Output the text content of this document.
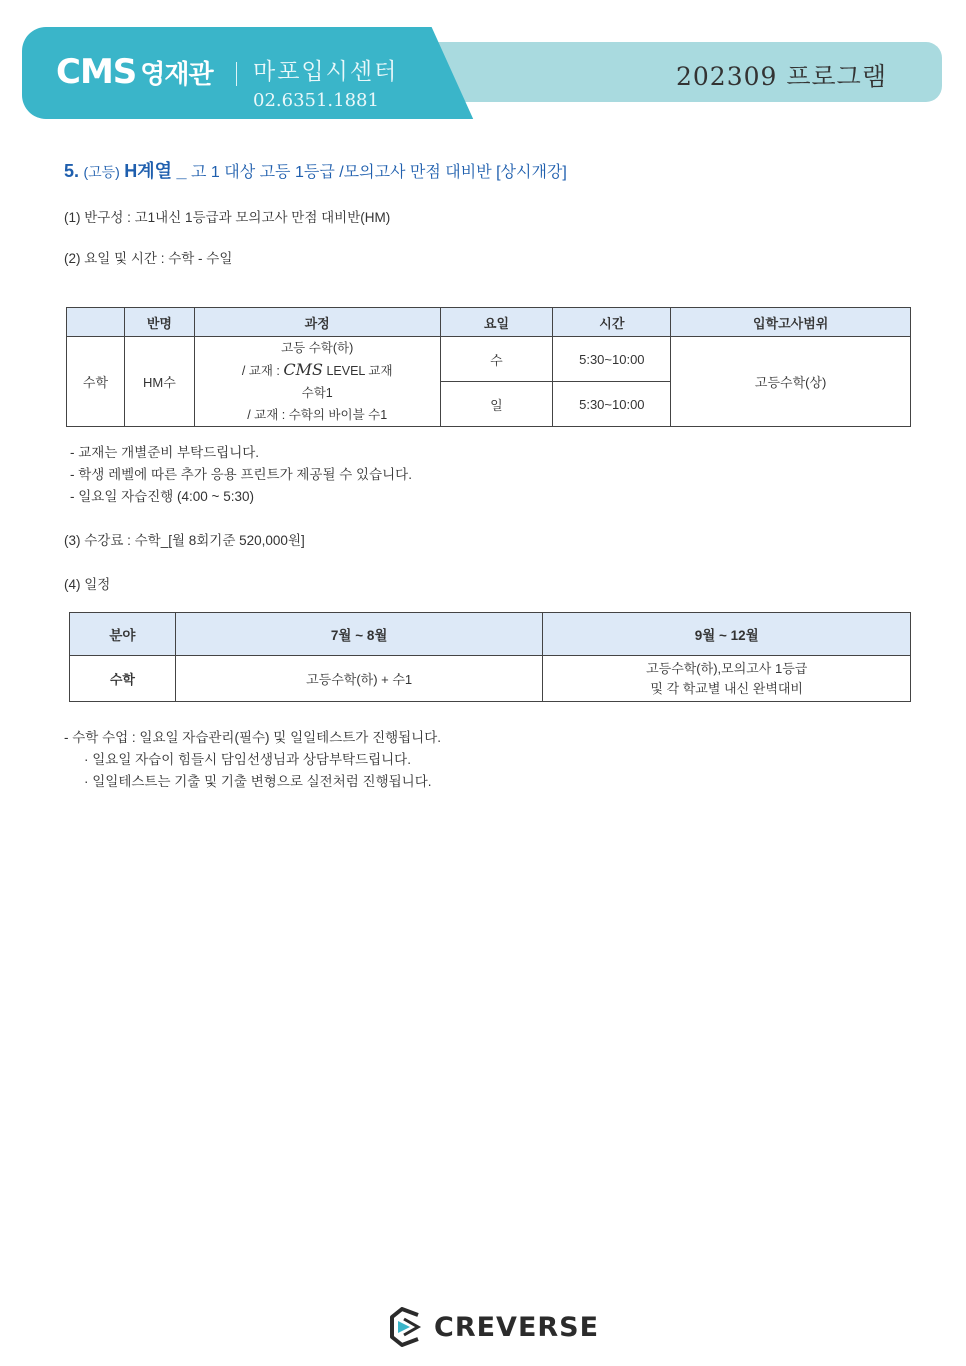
CMS 영재관 마포입시센터
02.6351.1881
202309 프로그램
5. (고등) H계열 _ 고 1 대상 고등 1등급 /모의고사 만점 대비반 [상시개강]
(1) 반구성 : 고1내신 1등급과 모의고사 만점 대비반(HM)
(2) 요일 및 시간 : 수학 - 수일
	반명	과정	요일	시간	입학고사범위
수학	HM수	고등 수학(하)
/ 교재 : CMS LEVEL 교재
수학1
/ 교재 : 수학의 바이블 수1	수	5:30~10:00	고등수학(상)
			일	5:30~10:00	
- 교재는 개별준비 부탁드립니다.
- 학생 레벨에 따른 추가 응용 프린트가 제공될 수 있습니다.
- 일요일 자습진행 (4:00 ~ 5:30)
(3) 수강료 : 수학_[월 8회기준 520,000원]
(4) 일정
분야	7월 ~ 8월	9월 ~ 12월
수학	고등수학(하) + 수1	고등수학(하),모의고사 1등급
및 각 학교별 내신 완벽대비
- 수학 수업 : 일요일 자습관리(필수) 및 일일테스트가 진행됩니다.
· 일요일 자습이 힘들시 담임선생님과 상담부탁드립니다.
· 일일테스트는 기출 및 기출 변형으로 실전처럼 진행됩니다.
CREVERSE
